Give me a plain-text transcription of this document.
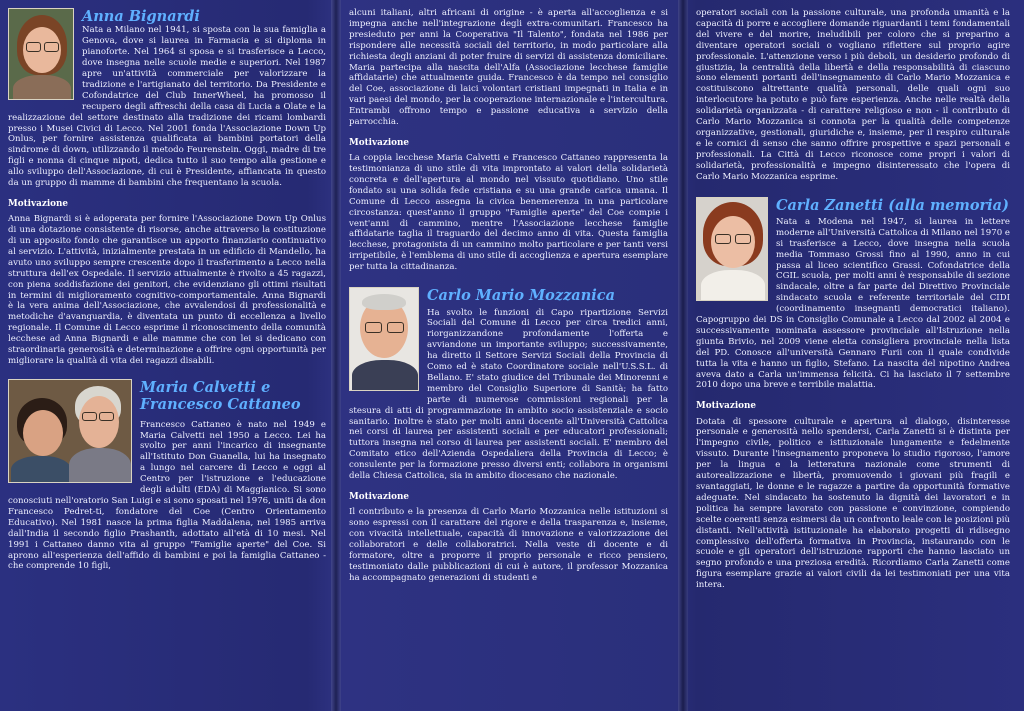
Anna Bignardi

Nata a Milano nel 1941, si sposta con la sua famiglia a Genova, dove si laurea in Farmacia e si diploma in pianoforte. Nel 1964 si sposa e si trasferisce a Lecco, dove insegna nelle scuole medie e superiori. Nel 1987 apre un'attività commerciale per valorizzare la tradizione e l'artigianato del territorio. Da Presidente e Cofondatrice del Club InnerWheel, ha promosso il recupero degli affreschi della casa di Lucia a Olate e la realizzazione del settore destinato alla tradizione dei ricami lombardi presso i Musei Civici di Lecco. Nel 2001 fonda l'Associazione Down Up Onlus, per fornire assistenza qualificata ai bambini portatori della sindrome di down, utilizzando il metodo Feurenstein. Oggi, madre di tre figli e nonna di cinque nipoti, dedica tutto il suo tempo alla gestione e allo sviluppo dell'Associazione, di cui è Presidente, affiancata in questo da un gruppo di mamme di bambini che frequentano la scuola.

Motivazione

Anna Bignardi si è adoperata per fornire l'Associazione Down Up Onlus di una dotazione consistente di risorse, anche attraverso la costituzione di un apposito fondo che garantisce un apporto finanziario continuativo al servizio. L'attività, inizialmente prestata in un edificio di Mandello, ha avuto uno sviluppo sempre crescente dopo il trasferimento a Lecco nella struttura dell'ex Ospedale. Il servizio attualmente è rivolto a 45 ragazzi, con piena soddisfazione dei genitori, che evidenziano gli ottimi risultati in termini di miglioramento cognitivo-comportamentale. Anna Bignardi è la vera anima dell'Associazione, che avvalendosi di professionalità e metodiche d'avanguardia, è diventata un punto di eccellenza a livello regionale. Il Comune di Lecco esprime il riconoscimento della comunità lecchese ad Anna Bignardi e alle mamme che con lei si dedicano con straordinaria generosità e determinazione a offrire ogni opportunità per migliorare la qualità di vita dei ragazzi disabili.

Maria Calvetti e
Francesco Cattaneo

Francesco Cattaneo è nato nel 1949 e Maria Calvetti nel 1950 a Lecco. Lei ha svolto per anni l'incarico di insegnante all'Istituto Don Guanella, lui ha insegnato a lungo nel carcere di Lecco e oggi al Centro per l'istruzione e l'educazione degli adulti (EDA) di Maggianico. Si sono conosciuti nell'oratorio San Luigi e si sono sposati nel 1976, uniti da don Francesco Pedret-ti, fondatore del Coe (Centro Orientamento Educativo). Nel 1981 nasce la prima figlia Maddalena, nel 1985 arriva dall'India il secondo figlio Prashanth, adottato all'età di 10 mesi. Nel 1991 i Cattaneo danno vita al gruppo "Famiglie aperte" del Coe. Si aprono all'esperienza dell'affido di bambini e poi la famiglia Cattaneo - che comprende 10 figli,

alcuni italiani, altri africani di origine - è aperta all'accoglienza e si impegna anche nell'integrazione degli extra-comunitari. Francesco ha presieduto per anni la Cooperativa "Il Talento", fondata nel 1986 per rispondere alle necessità sociali del territorio, in modo particolare alla richiesta degli anziani di poter fruire di servizi di assistenza domiciliare. Maria partecipa alla nascita dell'Alfa (Associazione lecchese famiglie affidatarie) che attualmente guida. Francesco è da tempo nel consiglio del Coe, associazione di laici volontari cristiani impegnati in Italia e in vari paesi del mondo, per la cooperazione internazionale e l'intercultura. Entrambi offrono tempo e passione educativa a servizio della parrocchia.

Motivazione

La coppia lecchese Maria Calvetti e Francesco Cattaneo rappresenta la testimonianza di uno stile di vita improntato ai valori della solidarietà concreta e dell'apertura al mondo nel vissuto quotidiano. Uno stile fondato su una solida fede cristiana e su una grande carica umana. Il Comune di Lecco assegna la civica benemerenza in una particolare circostanza: quest'anno il gruppo "Famiglie aperte" del Coe compie i vent'anni di cammino, mentre l'Associazione lecchese famiglie affidatarie taglia il traguardo del decimo anno di vita. Questa famiglia lecchese, protagonista di un cammino molto particolare e per tanti versi irripetibile, è l'emblema di uno stile di accoglienza e apertura esemplare per tutta la cittadinanza.

Carlo Mario Mozzanica

Ha svolto le funzioni di Capo ripartizione Servizi Sociali del Comune di Lecco per circa tredici anni, riorganizzandone profondamente l'offerta e avviandone un importante sviluppo; successivamente, ha diretto il Settore Servizi Sociali della Provincia di Como ed è stato Coordinatore sociale nell'U.S.S.L. di Bellano. E' stato giudice del Tribunale dei Minorenni e membro del Consiglio Superiore di Sanità; ha fatto parte di numerose commissioni regionali per la stesura di atti di programmazione in ambito socio assistenziale e socio sanitario. Inoltre è stato per molti anni docente all'Università Cattolica nei corsi di laurea per assistenti sociali e per educatori professionali; tuttora insegna nel corso di laurea per assistenti sociali. E' membro del Comitato etico dell'Azienda Ospedaliera della Provincia di Lecco; è consulente per la formazione presso diversi enti; collabora in organismi della Chiesa Cattolica, sia in ambito diocesano che nazionale.

Motivazione

Il contributo e la presenza di Carlo Mario Mozzanica nelle istituzioni si sono espressi con il carattere del rigore e della trasparenza e, insieme, con vivacità intellettuale, capacità di innovazione e valorizzazione dei collaboratori e delle collaboratrici. Nella veste di docente e di formatore, oltre a proporre il proprio personale e ricco pensiero, testimoniato dalle pubblicazioni di cui è autore, il professor Mozzanica ha accompagnato generazioni di studenti e

operatori sociali con la passione culturale, una profonda umanità e la capacità di porre e accogliere domande riguardanti i temi fondamentali del vivere e del morire, ineludibili per coloro che si preparino a diventare operatori sociali o vogliano riflettere sul proprio agire professionale. L'attenzione verso i più deboli, un desiderio profondo di giustizia, la centralità della libertà e della responsabilità di ciascuno sono elementi portanti dell'insegnamento di Carlo Mario Mozzanica e costituiscono altrettante qualità personali, delle quali ogni suo interlocutore ha potuto e può fare esperienza. Anche nelle realtà della solidarietà organizzata - di carattere religioso e non - il contributo di Carlo Mario Mozzanica si connota per la qualità delle competenze organizzative, gestionali, giuridiche e, insieme, per il respiro culturale e le cornici di senso che sanno offrire prospettive e spazi personali e professionali. La Città di Lecco riconosce come propri i valori di solidarietà, professionalità e impegno disinteressato che l'opera di Carlo Mario Mozzanica esprime.

Carla Zanetti (alla memoria)

Nata a Modena nel 1947, si laurea in lettere moderne all'Università Cattolica di Milano nel 1970 e si trasferisce a Lecco, dove insegna nella scuola media Tommaso Grossi fino al 1990, anno in cui passa al liceo scientifico Grassi. Cofondatrice della CGIL scuola, per molti anni è responsabile di sezione sindacale, oltre a far parte del Direttivo Provinciale sindacato scuola e referente territoriale del CIDI (coordinamento insegnanti democratici italiano). Capogruppo dei DS in Consiglio Comunale a Lecco dal 2002 al 2004 e successivamente nominata assessore provinciale all'Istruzione nella giunta Brivio, nel 2009 viene eletta consigliera provinciale nella lista del PD. Conosce all'università Gennaro Furii con il quale condivide tutta la vita e hanno un figlio, Stefano. La nascita del nipotino Andrea aveva dato a Carla un'immensa felicità. Ci ha lasciato il 7 settembre 2010 dopo una breve e terribile malattia.

Motivazione

Dotata di spessore culturale e apertura al dialogo, disinteresse personale e generosità nello spendersi, Carla Zanetti si è distinta per l'impegno civile, politico e istituzionale lungamente e fedelmente vissuto. Durante l'insegnamento proponeva lo studio rigoroso, l'amore per la lingua e la letteratura nazionale come strumenti di autorealizzazione e libertà, promuovendo i giovani più fragili e svantaggiati, le donne e le ragazze a partire da opportunità formative adeguate. Nel sindacato ha sostenuto la dignità dei lavoratori e in politica ha sempre lavorato con passione e convinzione, compiendo scelte coerenti senza esimersi da un confronto leale con le posizioni più distanti. Nell'attività istituzionale ha elaborato progetti di ridisegno complessivo dell'offerta formativa in Provincia, instaurando con le scuole e gli operatori dell'istruzione rapporti che hanno lasciato un segno profondo e una preziosa eredità. Ricordiamo Carla Zanetti come figura esemplare grazie ai valori civili da lei testimoniati per una vita intera.
